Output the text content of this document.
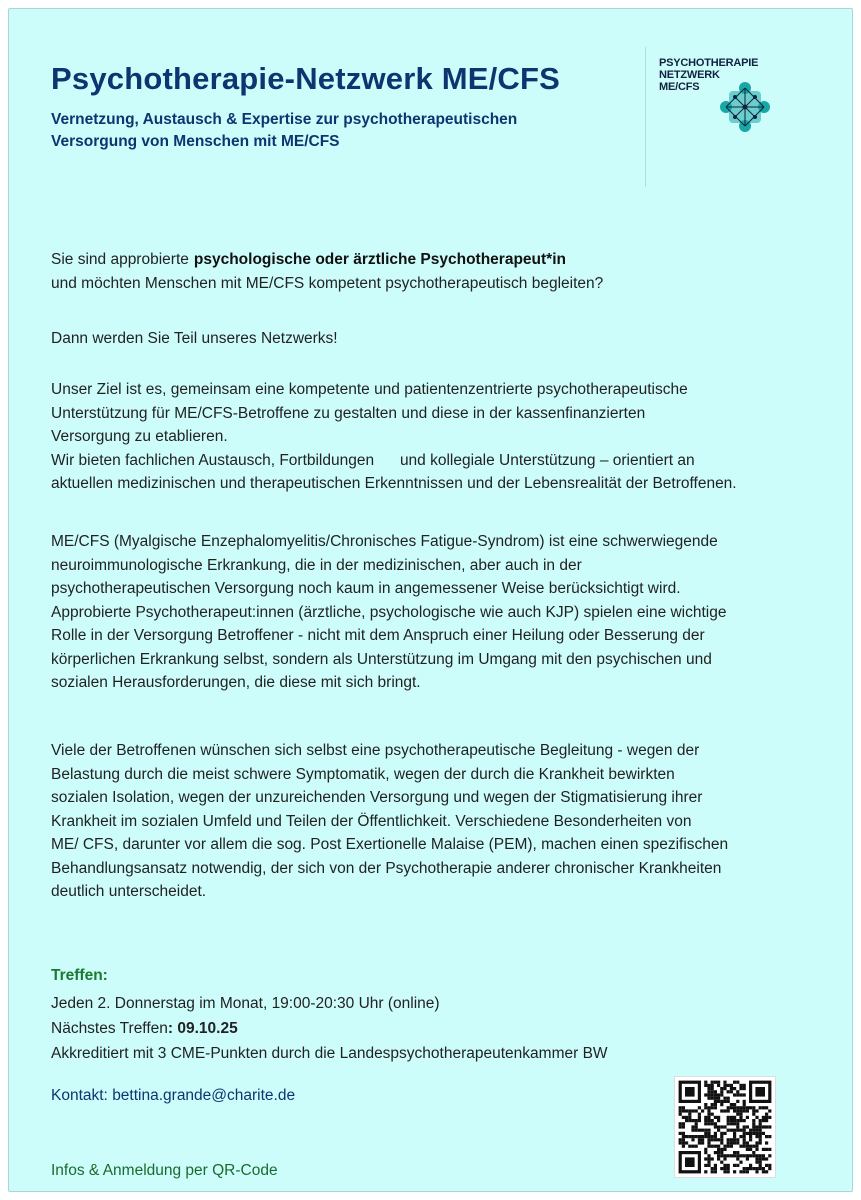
Psychotherapie-Netzwerk ME/CFS
Vernetzung, Austausch & Expertise zur psychotherapeutischen
Versorgung von Menschen mit ME/CFS
PSYCHOTHERAPIE
NETZWERK
ME/CFS
Sie sind approbierte psychologische oder ärztliche Psychotherapeut*in
und möchten Menschen mit ME/CFS kompetent psychotherapeutisch begleiten?
Dann werden Sie Teil unseres Netzwerks!
Unser Ziel ist es, gemeinsam eine kompetente und patientenzentrierte psychotherapeutische
Unterstützung für ME/CFS-Betroffene zu gestalten und diese in der kassenfinanzierten
Versorgung zu etablieren.
Wir bieten fachlichen Austausch, Fortbildungen      und kollegiale Unterstützung – orientiert an
aktuellen medizinischen und therapeutischen Erkenntnissen und der Lebensrealität der Betroffenen.
ME/CFS (Myalgische Enzephalomyelitis/Chronisches Fatigue-Syndrom) ist eine schwerwiegende
neuroimmunologische Erkrankung, die in der medizinischen, aber auch in der
psychotherapeutischen Versorgung noch kaum in angemessener Weise berücksichtigt wird.
Approbierte Psychotherapeut:innen (ärztliche, psychologische wie auch KJP) spielen eine wichtige
Rolle in der Versorgung Betroffener - nicht mit dem Anspruch einer Heilung oder Besserung der
körperlichen Erkrankung selbst, sondern als Unterstützung im Umgang mit den psychischen und
sozialen Herausforderungen, die diese mit sich bringt.
Viele der Betroffenen wünschen sich selbst eine psychotherapeutische Begleitung - wegen der
Belastung durch die meist schwere Symptomatik, wegen der durch die Krankheit bewirkten
sozialen Isolation, wegen der unzureichenden Versorgung und wegen der Stigmatisierung ihrer
Krankheit im sozialen Umfeld und Teilen der Öffentlichkeit. Verschiedene Besonderheiten von
ME/ CFS, darunter vor allem die sog. Post Exertionelle Malaise (PEM), machen einen spezifischen
Behandlungsansatz notwendig, der sich von der Psychotherapie anderer chronischer Krankheiten
deutlich unterscheidet.
Treffen:
Jeden 2. Donnerstag im Monat, 19:00-20:30 Uhr (online)
Nächstes Treffen: 09.10.25
Akkreditiert mit 3 CME-Punkten durch die Landespsychotherapeutenkammer BW
Kontakt: bettina.grande@charite.de
Infos & Anmeldung per QR-Code
